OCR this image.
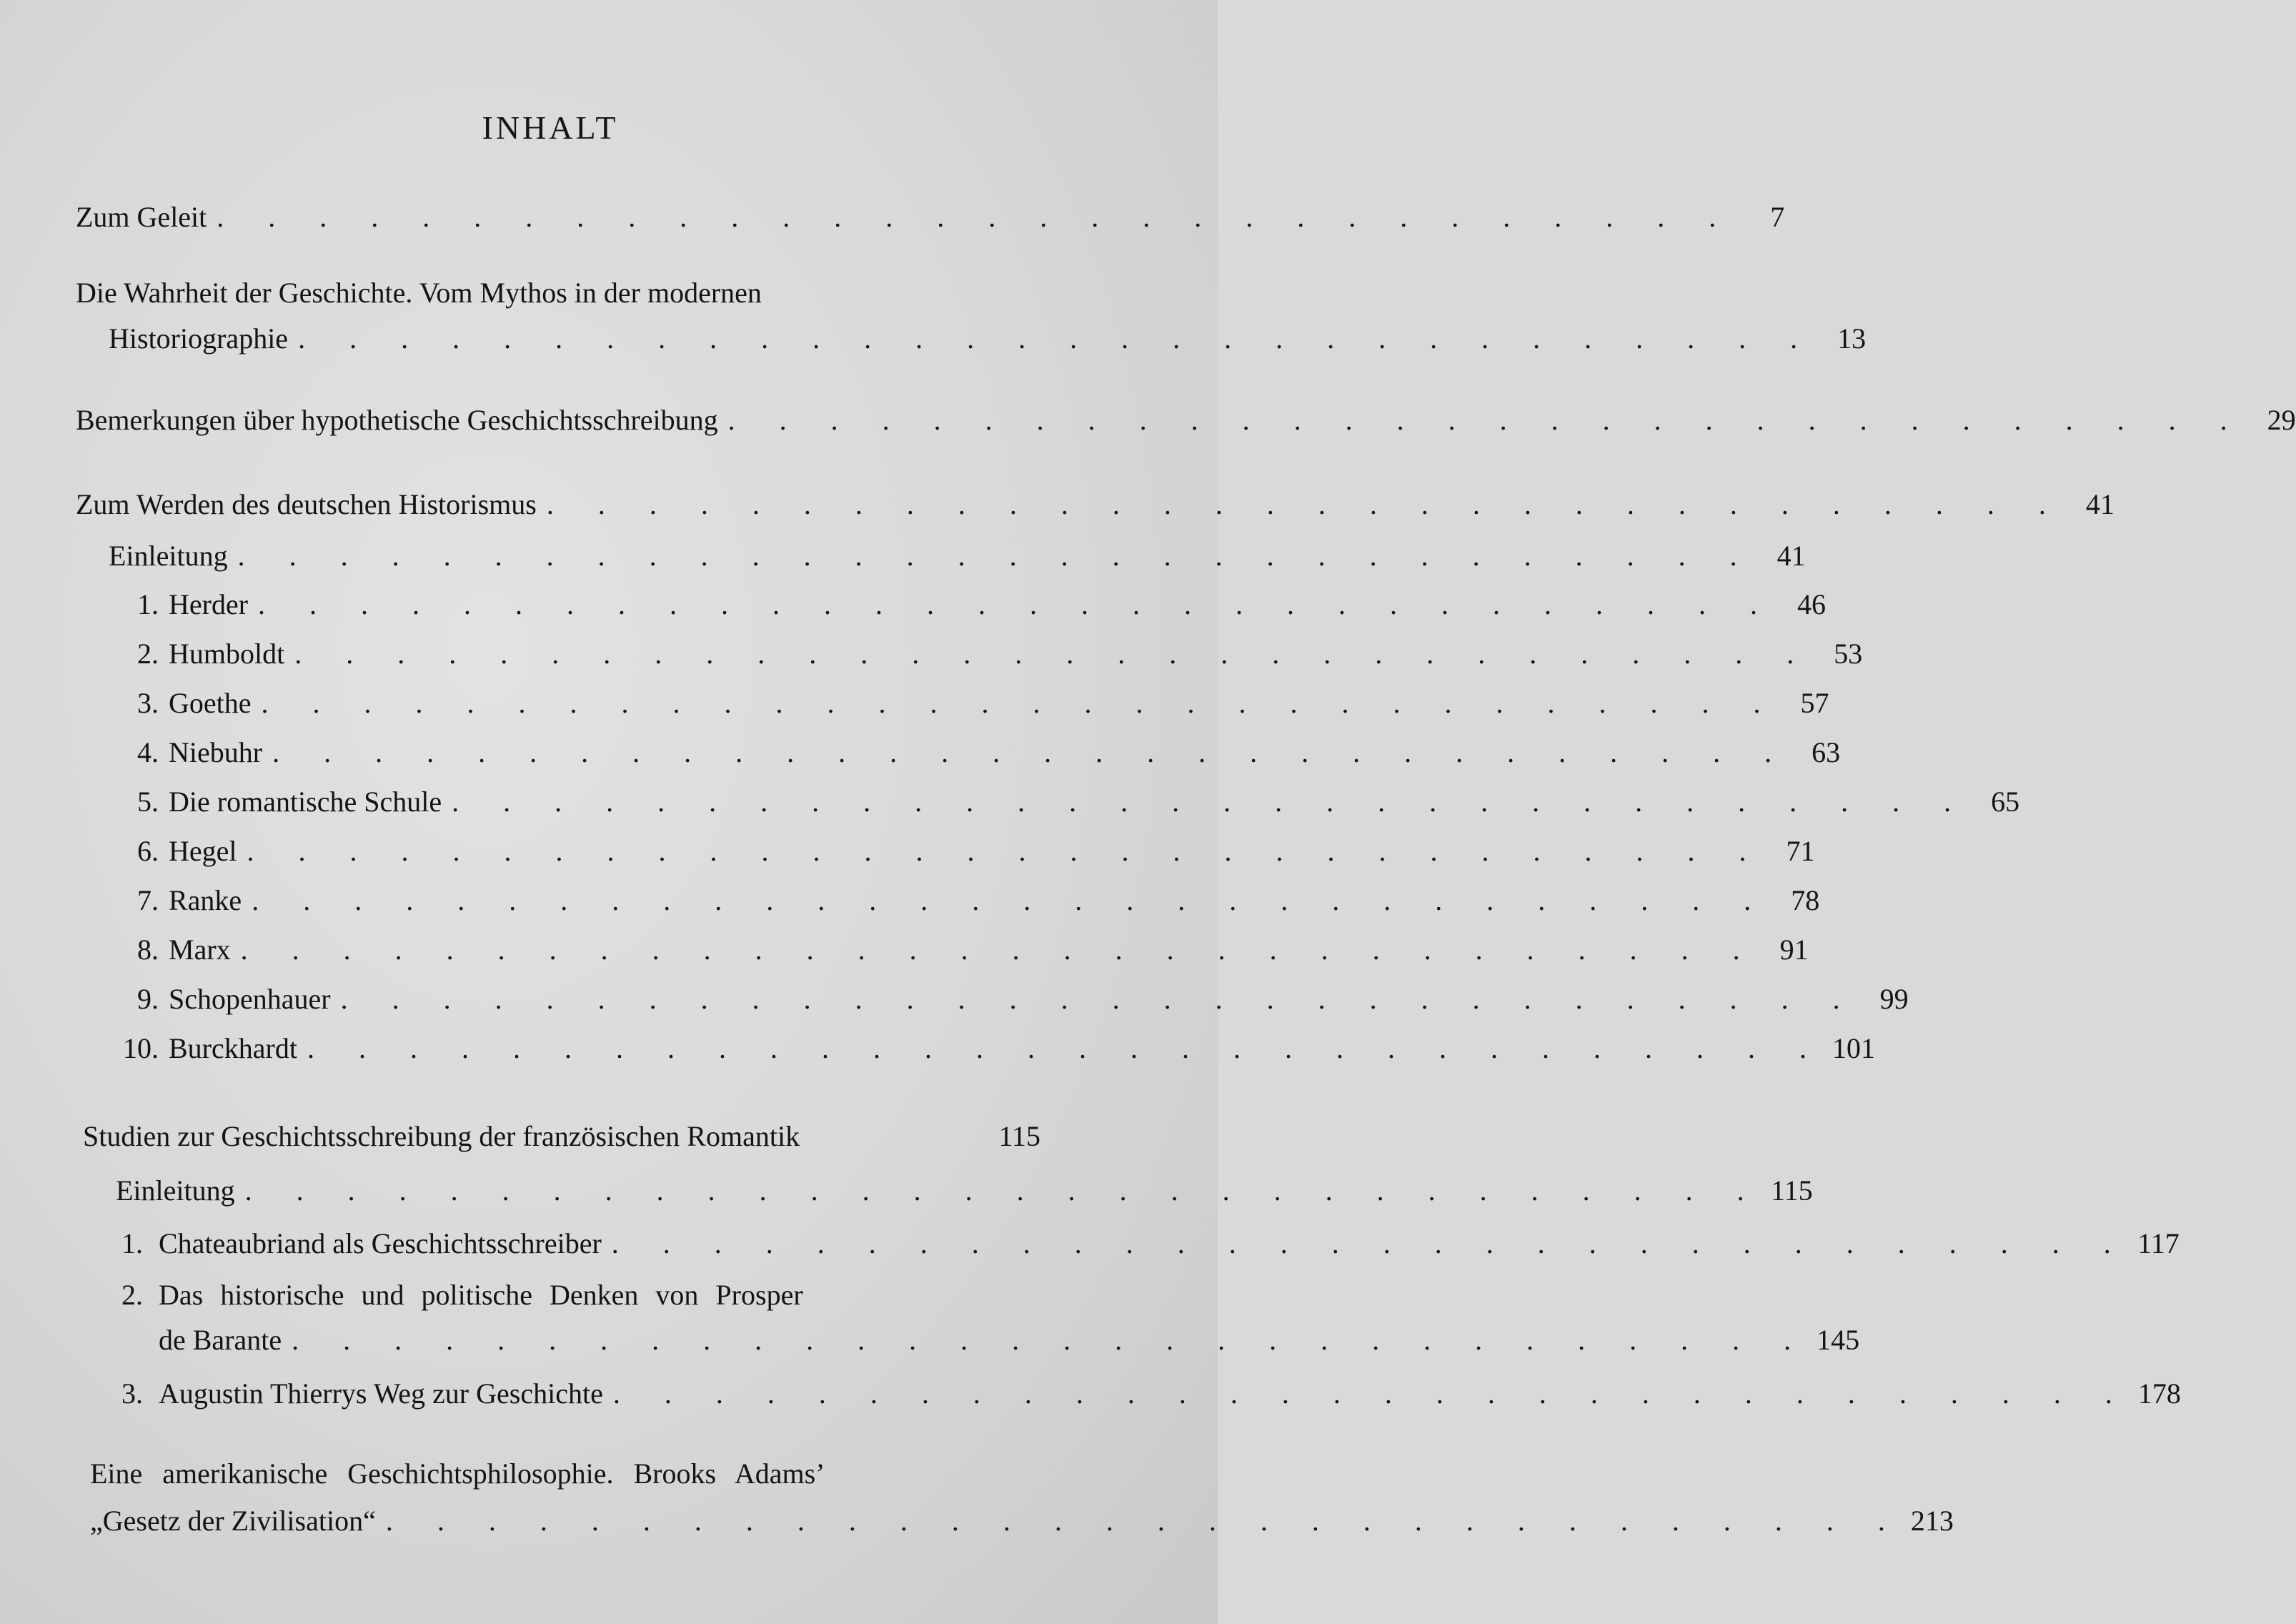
INHALT
Zum Geleit . . . . . . . . . . . . . . . . . . . . . . . . . . . . . .	7
Die Wahrheit der Geschichte. Vom Mythos in der modernen
Historiographie . . . . . . . . . . . . . . . . . . . . . . . . . . . . . . 13
Bemerkungen über hypothetische Geschichtsschreibung . . . . . . . . . . . . . . . . . . . . . . . . . . . . . . 29
Zum Werden des deutschen Historismus . . . . . . . . . . . . . . . . . . . . . . . . . . . . . . 41
Einleitung . . . . . . . . . . . . . . . . . . . . . . . . . . . . . . 41
1. Herder . . . . . . . . . . . . . . . . . . . . . . . . . . . . . . 46
2. Humboldt . . . . . . . . . . . . . . . . . . . . . . . . . . . . . . 53
3. Goethe . . . . . . . . . . . . . . . . . . . . . . . . . . . . . . 57
4. Niebuhr . . . . . . . . . . . . . . . . . . . . . . . . . . . . . . 63
5. Die romantische Schule . . . . . . . . . . . . . . . . . . . . . . . . . . . . . . 65
6. Hegel . . . . . . . . . . . . . . . . . . . . . . . . . . . . . . 71
7. Ranke . . . . . . . . . . . . . . . . . . . . . . . . . . . . . . 78
8. Marx . . . . . . . . . . . . . . . . . . . . . . . . . . . . . . 91
9. Schopenhauer . . . . . . . . . . . . . . . . . . . . . . . . . . . . . . 99
10. Burckhardt . . . . . . . . . . . . . . . . . . . . . . . . . . . . . . 101
Studien zur Geschichtsschreibung der französischen Romantik	115
Einleitung . . . . . . . . . . . . . . . . . . . . . . . . . . . . . . 115
1. Chateaubriand als Geschichtsschreiber . . . . . . . . . . . . . . . . . . . . . . . . . . . . . . 117
2. Das historische und politische Denken von Prosper
de Barante . . . . . . . . . . . . . . . . . . . . . . . . . . . . . . 145
3. Augustin Thierrys Weg zur Geschichte . . . . . . . . . . . . . . . . . . . . . . . . . . . . . . 178
Eine amerikanische Geschichtsphilosophie. Brooks Adams’
„Gesetz der Zivilisation“ . . . . . . . . . . . . . . . . . . . . . . . . . . . . . . 213
